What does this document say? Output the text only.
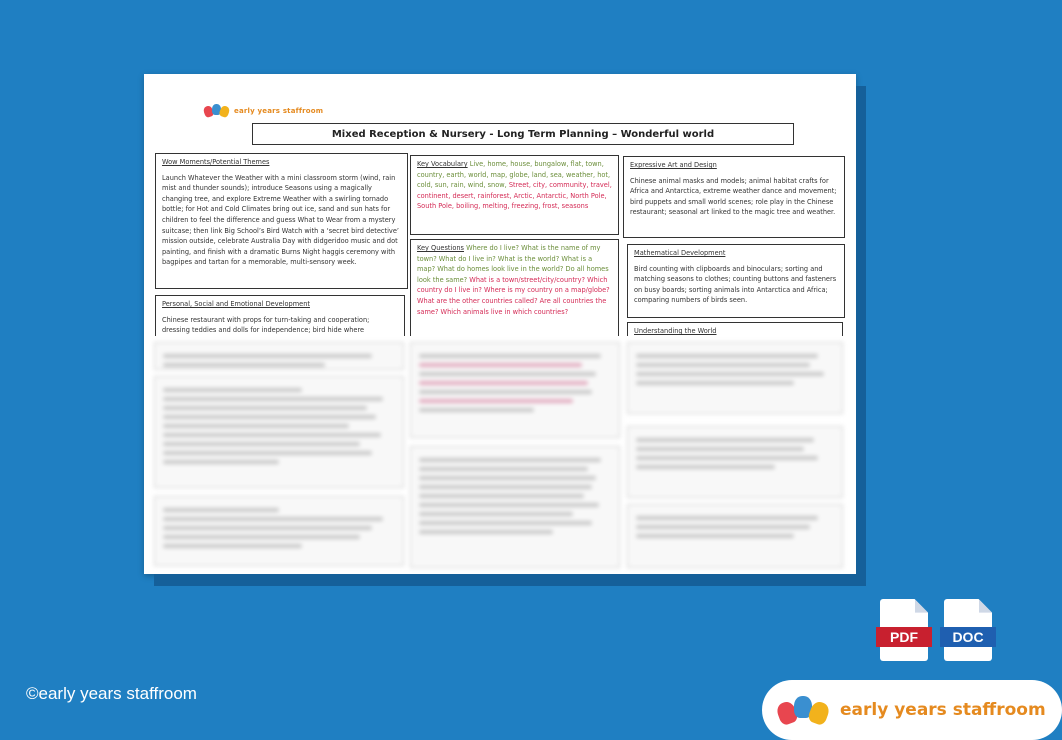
early years staffroom
Mixed Reception & Nursery - Long Term Planning – Wonderful world
Wow Moments/Potential Themes
Launch Whatever the Weather with a mini classroom storm (wind, rain mist and thunder sounds); introduce Seasons using a magically changing tree, and explore Extreme Weather with a swirling tornado bottle; for Hot and Cold Climates bring out ice, sand and sun hats for children to feel the difference and guess What to Wear from a mystery suitcase; then link Big School’s Bird Watch with a ‘secret bird detective’ mission outside, celebrate Australia Day with didgeridoo music and dot painting, and finish with a dramatic Burns Night haggis ceremony with bagpipes and tartan for a memorable, multi-sensory week.
Personal, Social and Emotional Development
Chinese restaurant with props for turn-taking and cooperation; dressing teddies and dolls for independence; bird hide where
Key Vocabulary Live, home, house, bungalow, flat, town, country, earth, world, map, globe, land, sea, weather, hot, cold, sun, rain, wind, snow, Street, city, community, travel, continent, desert, rainforest, Arctic, Antarctic, North Pole, South Pole, boiling, melting, freezing, frost, seasons
Key Questions Where do I live? What is the name of my town? What do I live in? What is the world? What is a map? What do homes look live in the world? Do all homes look the same? What is a town/street/city/country? Which country do I live in? Where is my country on a map/globe? What are the other countries called? Are all countries the same? Which animals live in which countries?
Expressive Art and Design
Chinese animal masks and models; animal habitat crafts for Africa and Antarctica, extreme weather dance and movement; bird puppets and small world scenes; role play in the Chinese restaurant; seasonal art linked to the magic tree and weather.
Mathematical Development
Bird counting with clipboards and binoculars; sorting and matching seasons to clothes; counting buttons and fasteners on busy boards; sorting animals into Antarctica and Africa; comparing numbers of birds seen.
Understanding the World
©early years staffroom
PDF	DOC
early years staffroom
